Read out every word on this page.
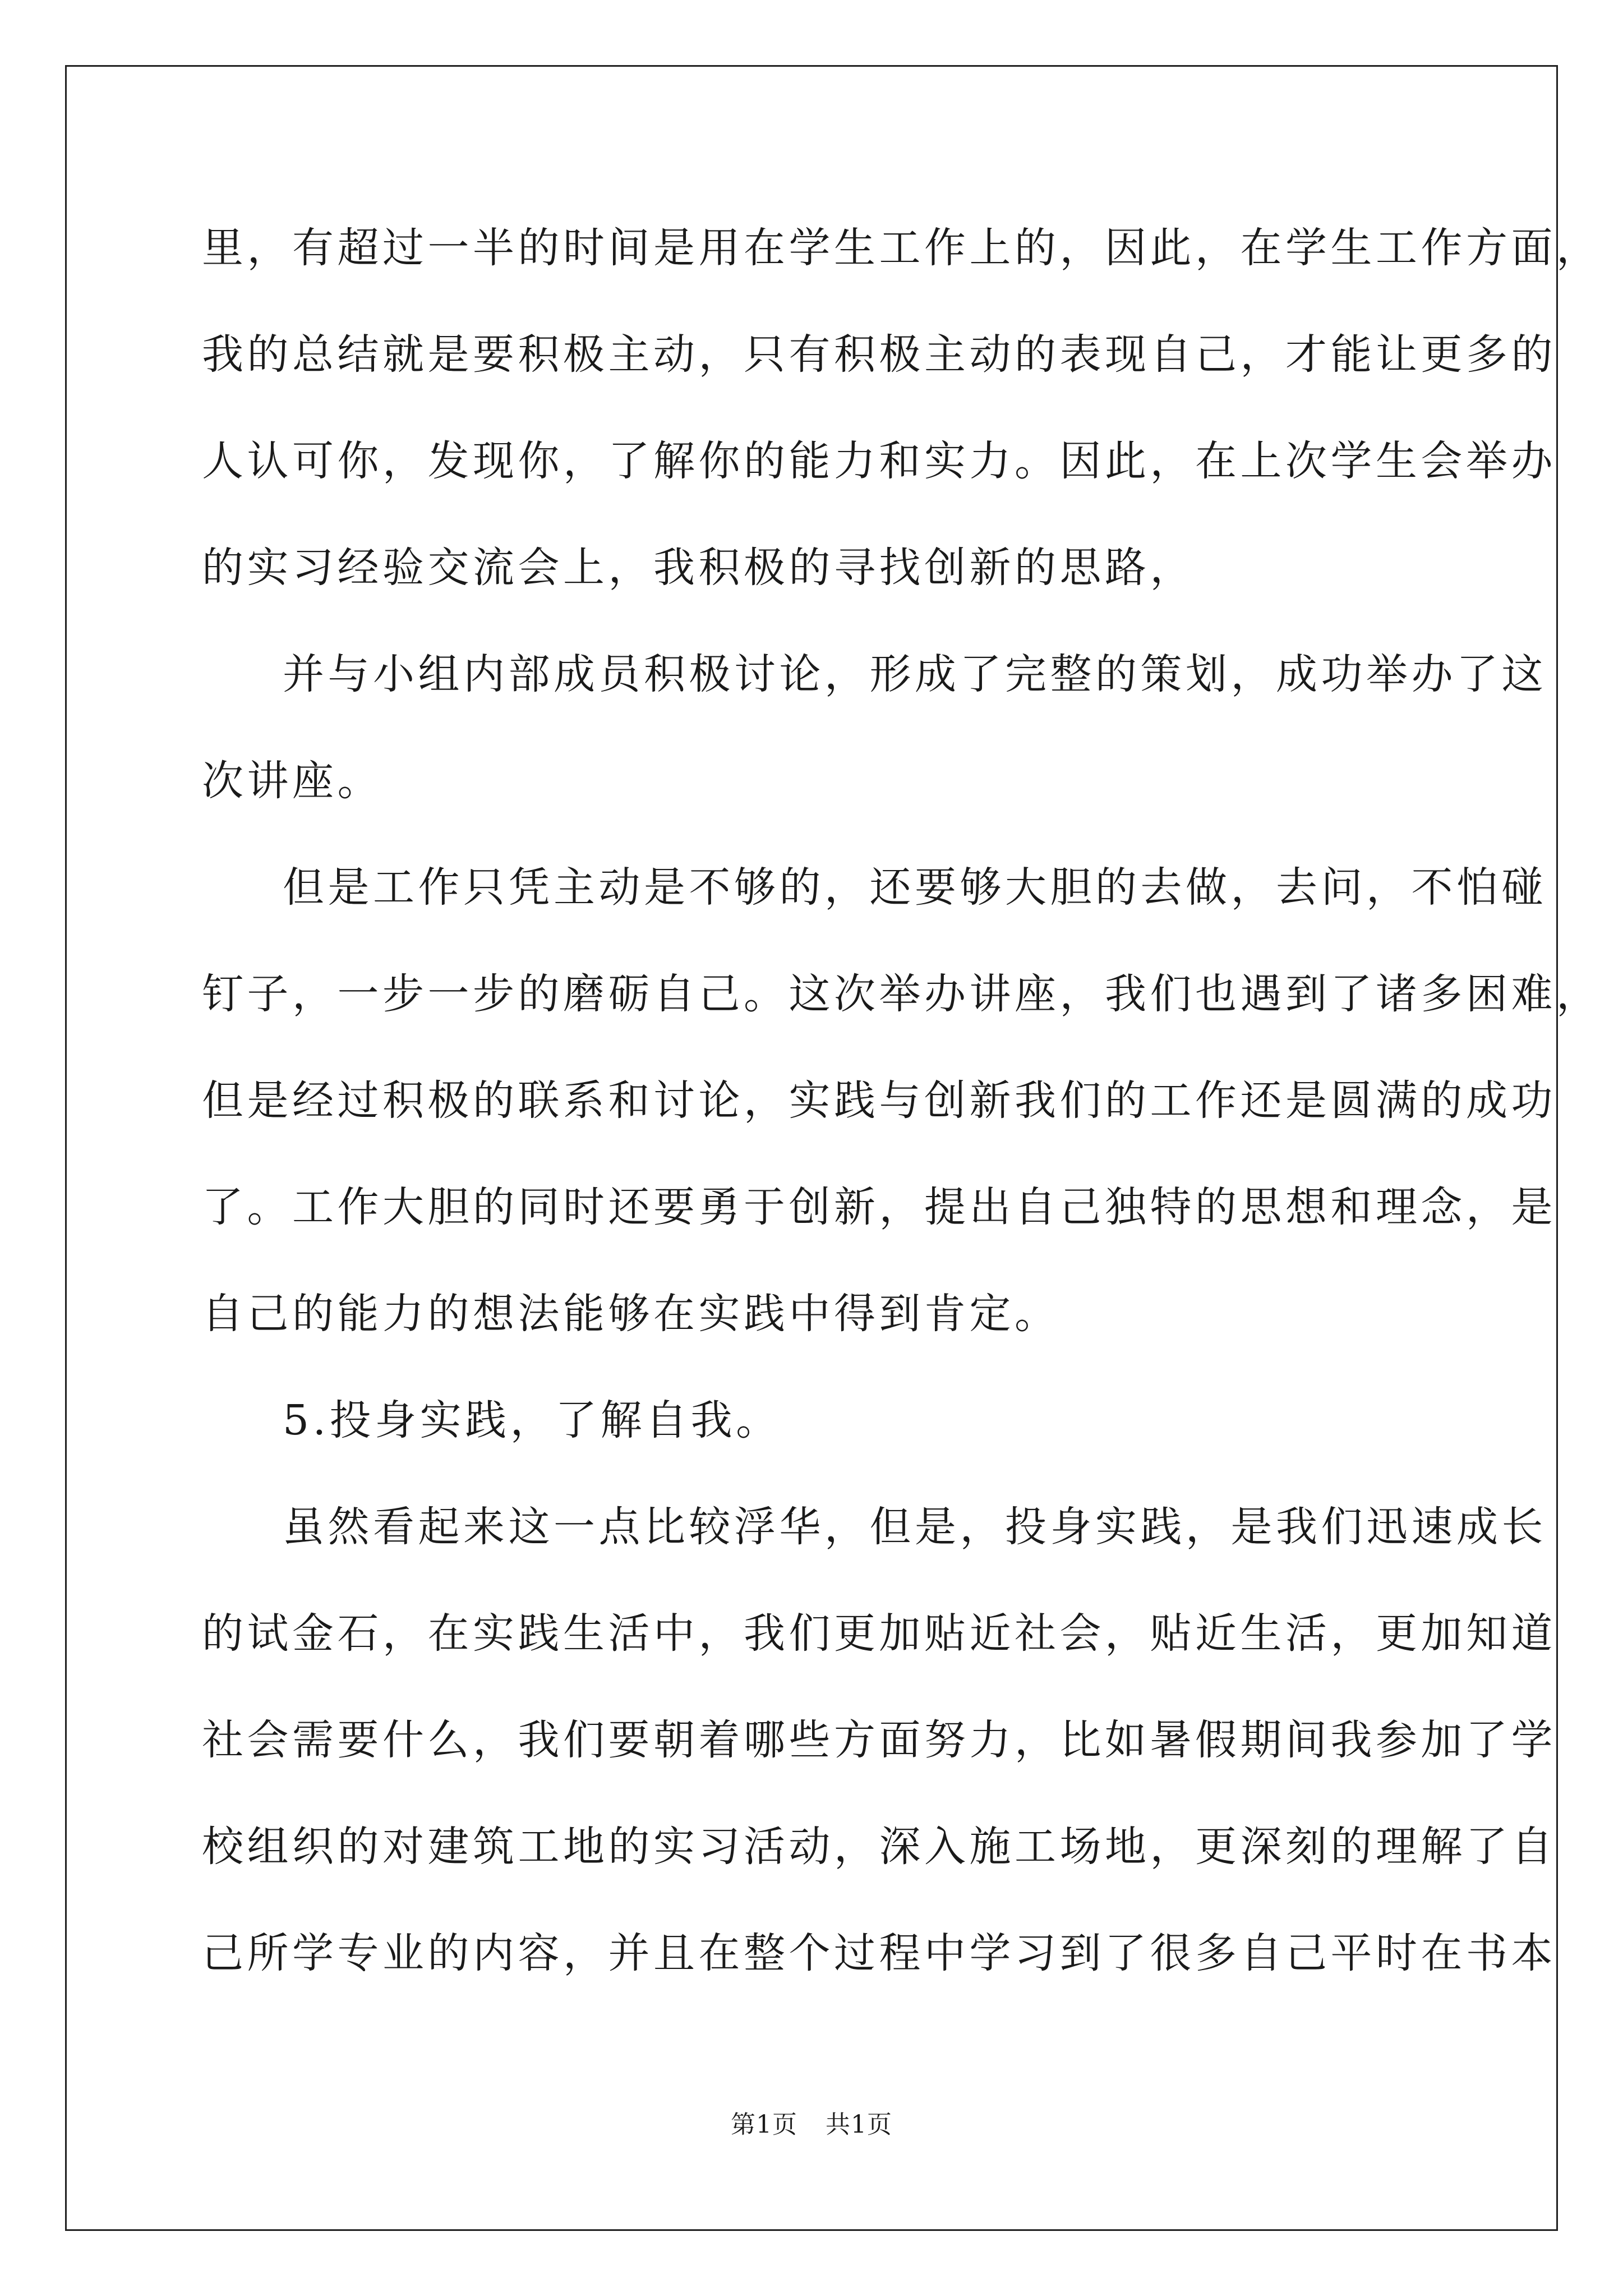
里，有超过一半的时间是用在学生工作上的，因此，在学生工作方面，
我的总结就是要积极主动，只有积极主动的表现自己，才能让更多的
人认可你，发现你，了解你的能力和实力。因此，在上次学生会举办
的实习经验交流会上，我积极的寻找创新的思路，
并与小组内部成员积极讨论，形成了完整的策划，成功举办了这
次讲座。
但是工作只凭主动是不够的，还要够大胆的去做，去问，不怕碰
钉子，一步一步的磨砺自己。这次举办讲座，我们也遇到了诸多困难，
但是经过积极的联系和讨论，实践与创新我们的工作还是圆满的成功
了。工作大胆的同时还要勇于创新，提出自己独特的思想和理念，是
自己的能力的想法能够在实践中得到肯定。
5.投身实践，了解自我。
虽然看起来这一点比较浮华，但是，投身实践，是我们迅速成长
的试金石，在实践生活中，我们更加贴近社会，贴近生活，更加知道
社会需要什么，我们要朝着哪些方面努力，比如暑假期间我参加了学
校组织的对建筑工地的实习活动，深入施工场地，更深刻的理解了自
己所学专业的内容，并且在整个过程中学习到了很多自己平时在书本
第1页 共1页
